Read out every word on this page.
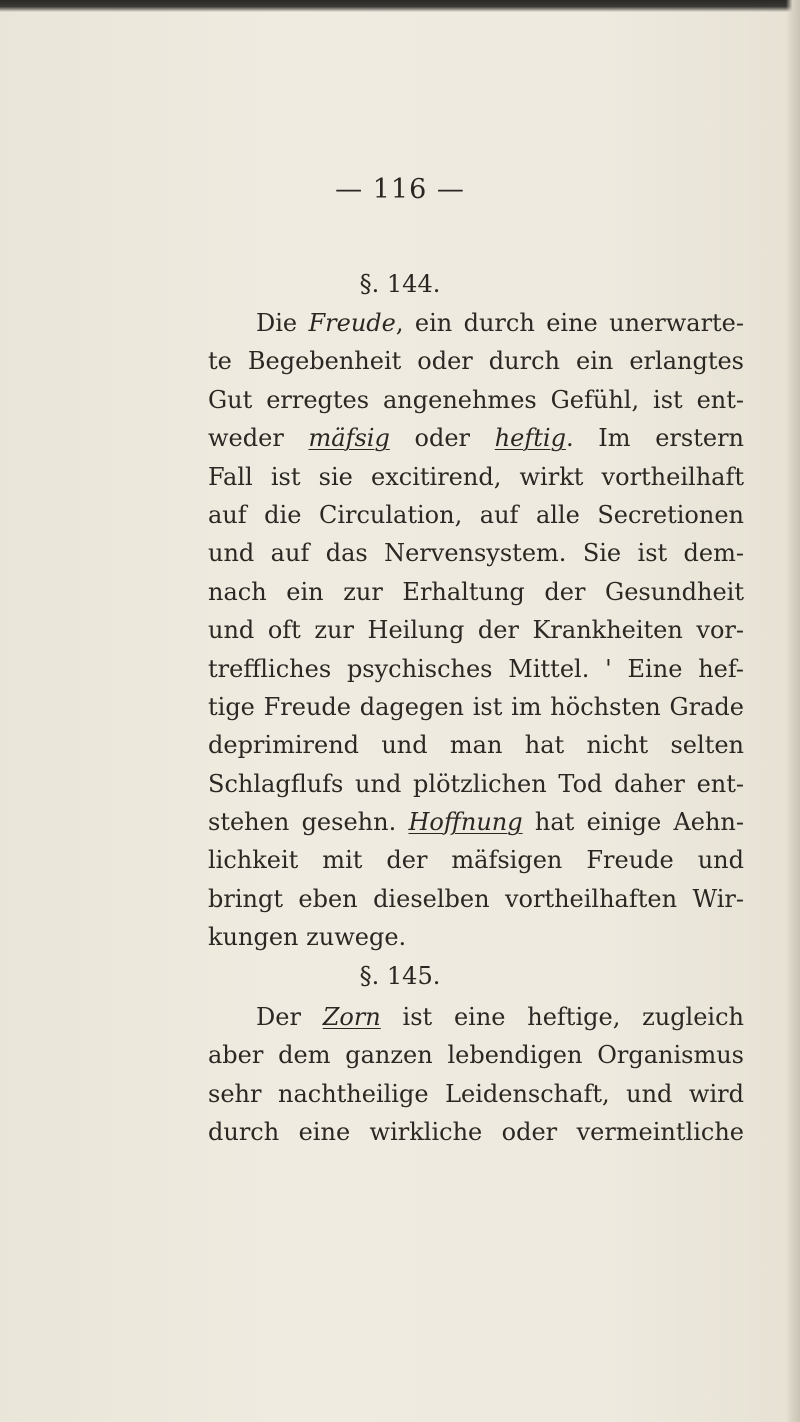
— 116 —
§. 144.
Die Freude, ein durch eine unerwarte-
te Begebenheit oder durch ein erlangtes
Gut erregtes angenehmes Gefühl, ist ent-
weder mäfsig oder heftig. Im erstern
Fall ist sie excitirend, wirkt vortheilhaft
auf die Circulation, auf alle Secretionen
und auf das Nervensystem. Sie ist dem-
nach ein zur Erhaltung der Gesundheit
und oft zur Heilung der Krankheiten vor-
treffliches psychisches Mittel. ' Eine hef-
tige Freude dagegen ist im höchsten Grade
deprimirend und man hat nicht selten
Schlagflufs und plötzlichen Tod daher ent-
stehen gesehn. Hoffnung hat einige Aehn-
lichkeit mit der mäfsigen Freude und
bringt eben dieselben vortheilhaften Wir-
kungen zuwege.
§. 145.
Der Zorn ist eine heftige, zugleich
aber dem ganzen lebendigen Organismus
sehr nachtheilige Leidenschaft, und wird
durch eine wirkliche oder vermeintliche
